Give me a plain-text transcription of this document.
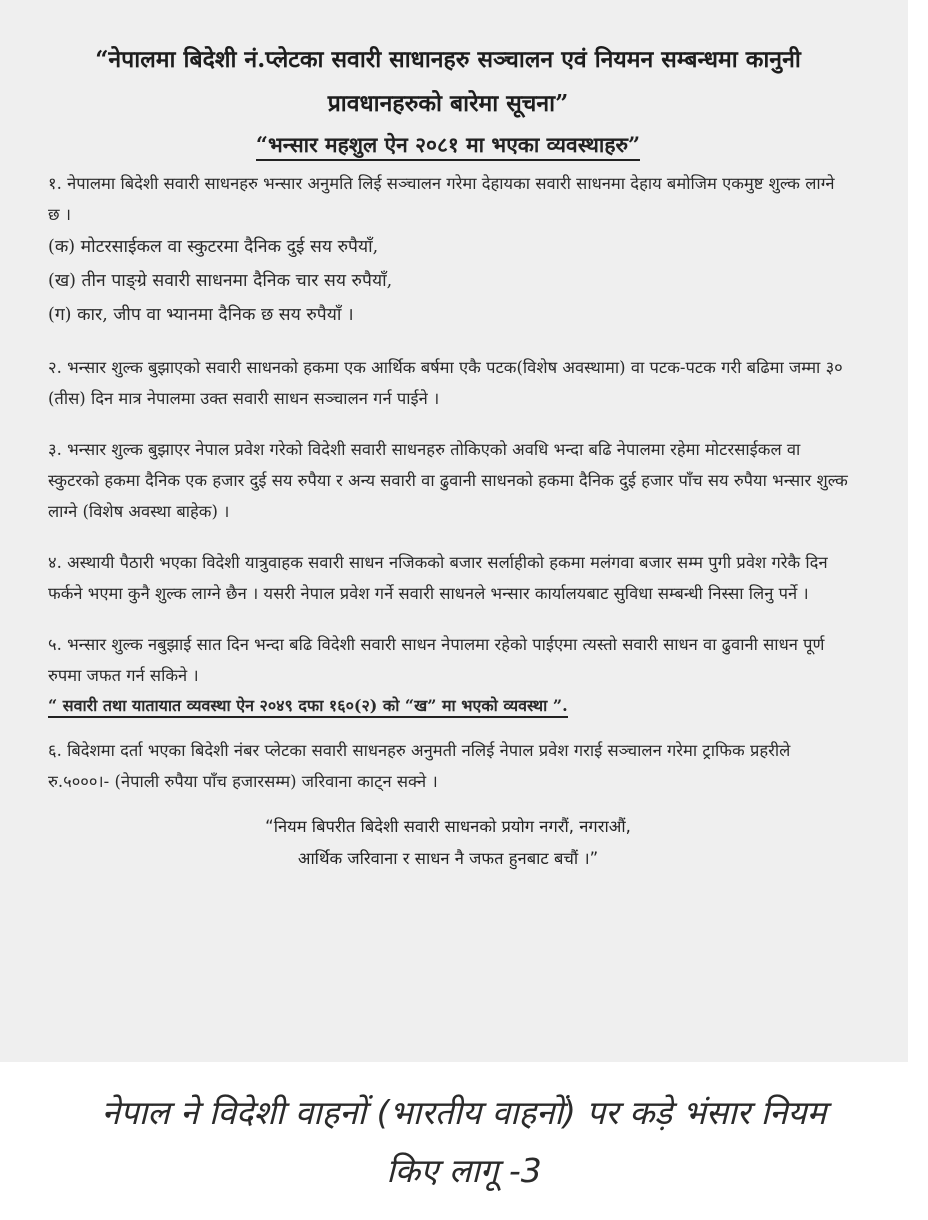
“नेपालमा बिदेशी नं.प्लेटका सवारी साधानहरु सञ्चालन एवं नियमन सम्बन्धमा कानुनी प्रावधानहरुको बारेमा सूचना”
“भन्सार महशुल ऐन २०८१ मा भएका व्यवस्थाहरु”

१. नेपालमा बिदेशी सवारी साधनहरु भन्सार अनुमति लिई सञ्चालन गरेमा देहायका सवारी साधनमा देहाय बमोजिम एकमुष्ट शुल्क लाग्ने छ ।

(क) मोटरसाईकल वा स्कुटरमा दैनिक दुई सय रुपैयाँ,

(ख) तीन पाङ्ग्रे सवारी साधनमा दैनिक चार सय रुपैयाँ,

(ग) कार, जीप वा भ्यानमा दैनिक छ सय रुपैयाँ ।

२. भन्सार शुल्क बुझाएको सवारी साधनको हकमा एक आर्थिक बर्षमा एकै पटक(विशेष अवस्थामा) वा पटक-पटक गरी बढिमा जम्मा ३० (तीस) दिन मात्र नेपालमा उक्त सवारी साधन सञ्चालन गर्न पाईने ।

३. भन्सार शुल्क बुझाएर नेपाल प्रवेश गरेको विदेशी सवारी साधनहरु तोकिएको अवधि भन्दा बढि नेपालमा रहेमा मोटरसाईकल वा स्कुटरको हकमा दैनिक एक हजार दुई सय रुपैया र अन्य सवारी वा ढुवानी साधनको हकमा दैनिक दुई हजार पाँच सय रुपैया भन्सार शुल्क लाग्ने (विशेष अवस्था बाहेक) ।

४. अस्थायी पैठारी भएका विदेशी यात्रुवाहक सवारी साधन नजिकको बजार सर्लाहीको हकमा मलंगवा बजार सम्म पुगी प्रवेश गरेकै दिन फर्कने भएमा कुनै शुल्क लाग्ने छैन । यसरी नेपाल प्रवेश गर्ने सवारी साधनले भन्सार कार्यालयबाट सुविधा सम्बन्धी निस्सा लिनु पर्ने ।

५. भन्सार शुल्क नबुझाई सात दिन भन्दा बढि विदेशी सवारी साधन नेपालमा रहेको पाईएमा त्यस्तो सवारी साधन वा ढुवानी साधन पूर्ण रुपमा जफत गर्न सकिने ।

“ सवारी तथा यातायात व्यवस्था ऐन २०४९ दफा १६०(२) को “ख” मा भएको व्यवस्था ”.

६. बिदेशमा दर्ता भएका बिदेशी नंबर प्लेटका सवारी साधनहरु अनुमती नलिई नेपाल प्रवेश गराई सञ्चालन गरेमा ट्राफिक प्रहरीले रु.५०००।- (नेपाली रुपैया पाँच हजारसम्म) जरिवाना काट्न सक्ने ।

“नियम बिपरीत बिदेशी सवारी साधनको प्रयोग नगरौं, नगराऔं,
आर्थिक जरिवाना र साधन नै जफत हुनबाट बचौं ।”
नेपाल ने विदेशी वाहनों (भारतीय वाहनों) पर कड़े भंसार नियम
किए लागू -3
